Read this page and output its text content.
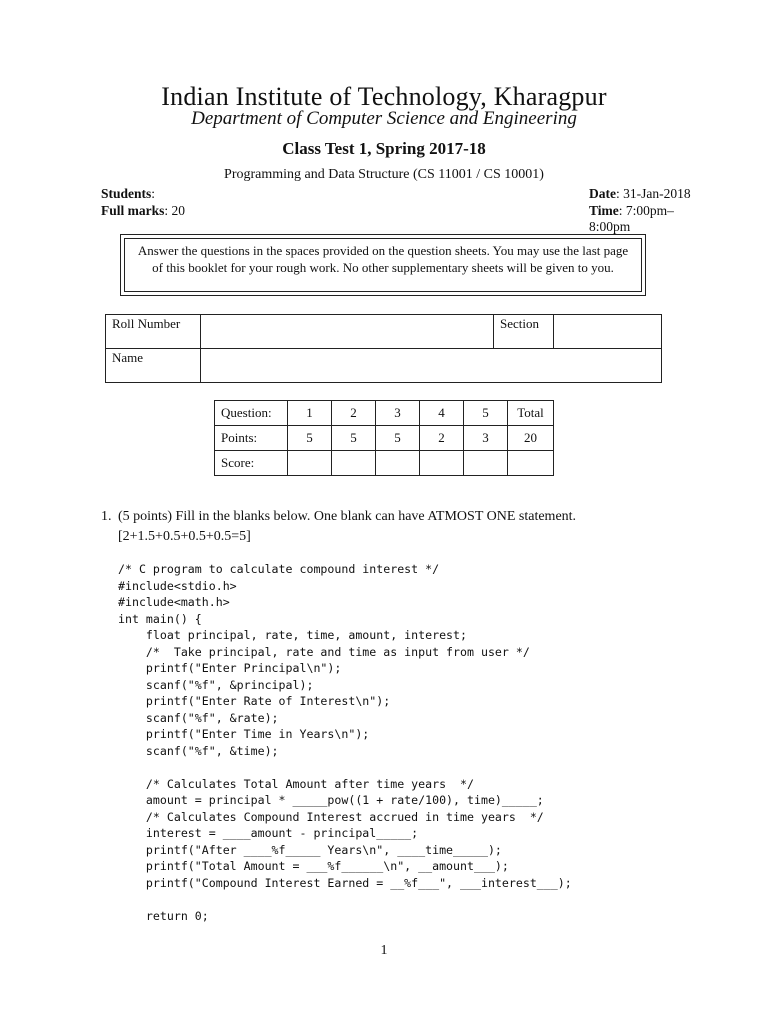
Indian Institute of Technology, Kharagpur
Department of Computer Science and Engineering
Class Test 1, Spring 2017-18
Programming and Data Structure (CS 11001 / CS 10001)
Students:	Date: 31-Jan-2018
Full marks: 20	Time: 7:00pm–8:00pm
Answer the questions in the spaces provided on the question sheets. You may use the last page of this booklet for your rough work. No other supplementary sheets will be given to you.
Roll Number		Section	
Name			
Question:	1	2	3	4	5	Total
Points:	5	5	5	2	3	20
Score:						
1. (5 points) Fill in the blanks below. One blank can have ATMOST ONE statement.
[2+1.5+0.5+0.5+0.5=5]
/* C program to calculate compound interest */
#include<stdio.h>
#include<math.h>
int main() {
float principal, rate, time, amount, interest;
/*  Take principal, rate and time as input from user */
printf("Enter Principal\n");
scanf("%f", &principal);
printf("Enter Rate of Interest\n");
scanf("%f", &rate);
printf("Enter Time in Years\n");
scanf("%f", &time);

/* Calculates Total Amount after time years  */
amount = principal * _____pow((1 + rate/100), time)_____;
/* Calculates Compound Interest accrued in time years  */
interest = ____amount - principal_____;
printf("After ____%f_____ Years\n", ____time_____);
printf("Total Amount = ___%f______\n", __amount___);
printf("Compound Interest Earned = __%f___", ___interest___);

return 0;
1
